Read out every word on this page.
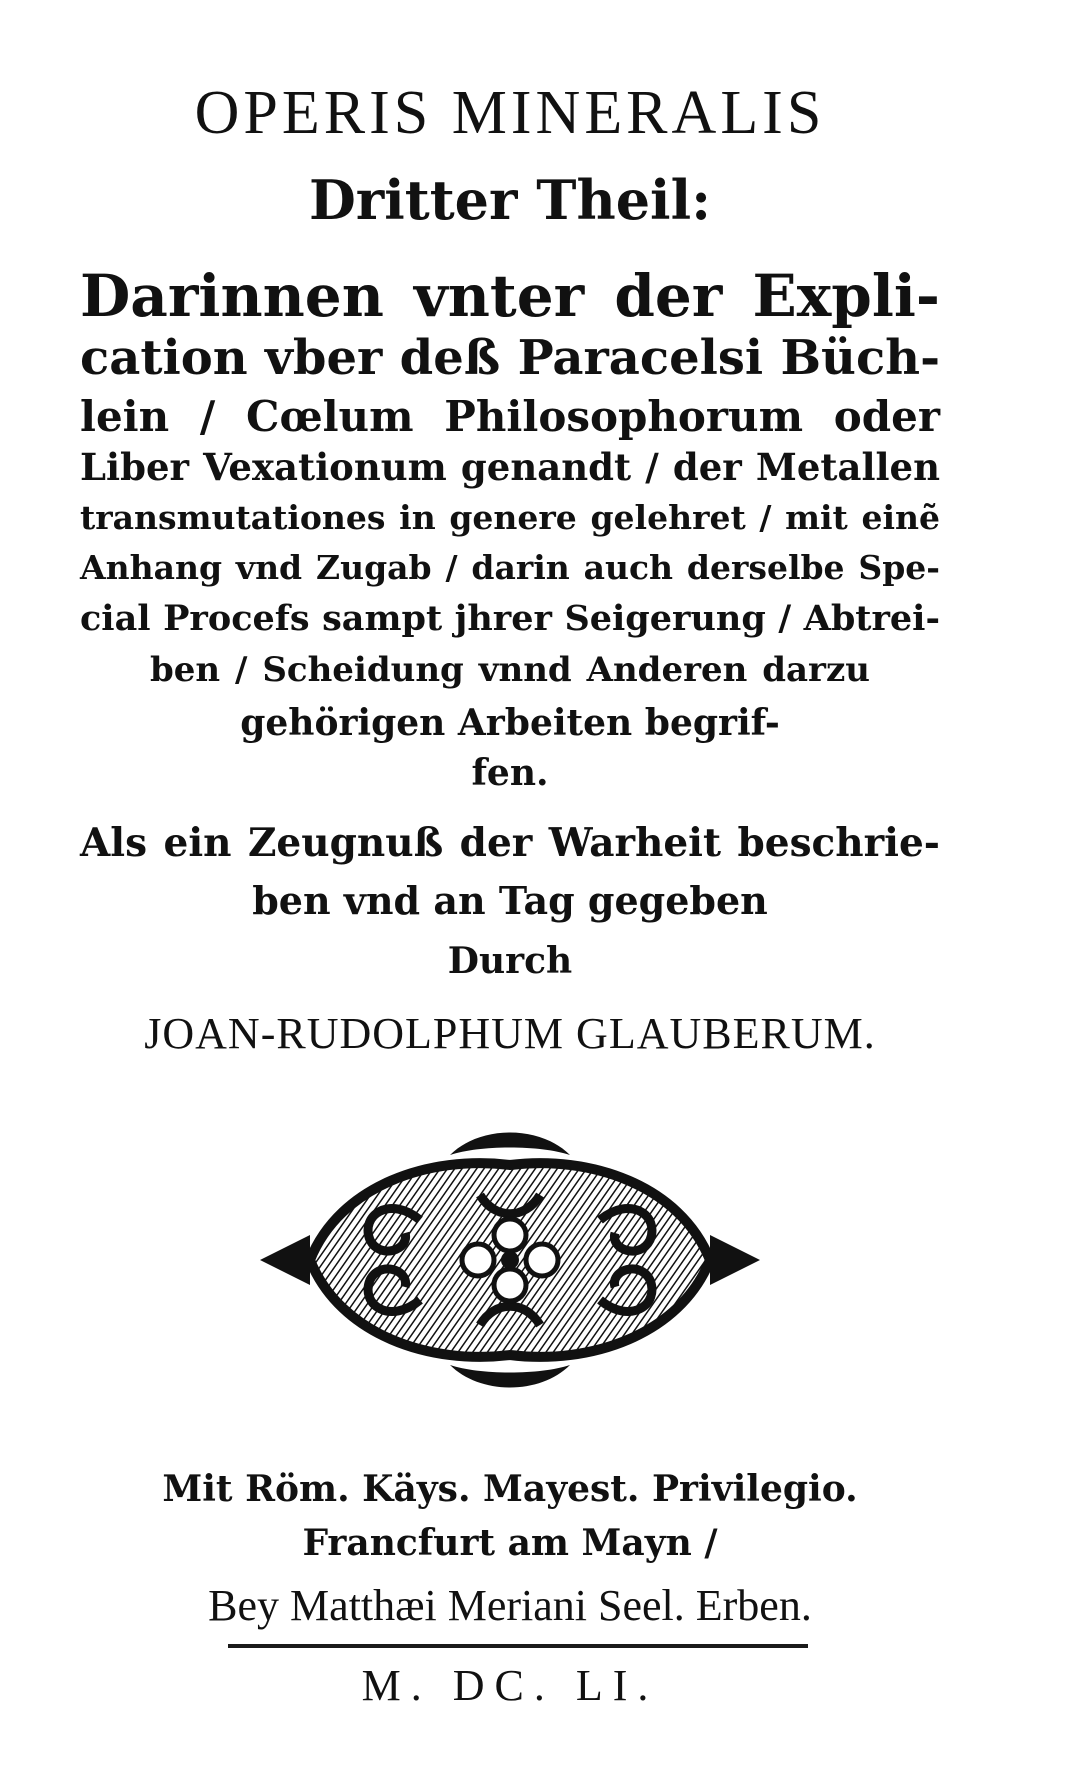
OPERIS MINERALIS
Dritter Theil:
Darinnen vnter der Expli-
cation vber deß Paracelsi Büch-
lein / Cœlum Philosophorum oder
Liber Vexationum genandt / der Metallen
transmutationes in genere gelehret / mit einẽ
Anhang vnd Zugab / darin auch derselbe Spe-
cial Procefs sampt jhrer Seigerung / Abtrei-
ben / Scheidung vnnd Anderen darzu
gehörigen Arbeiten begrif-
fen.
Als ein Zeugnuß der Warheit beschrie-
ben vnd an Tag gegeben
Durch
JOAN-RUDOLPHUM GLAUBERUM.
Mit Röm. Käys. Mayest. Privilegio.
Francfurt am Mayn /
Bey Matthæi Meriani Seel. Erben.
M. DC. LI.
